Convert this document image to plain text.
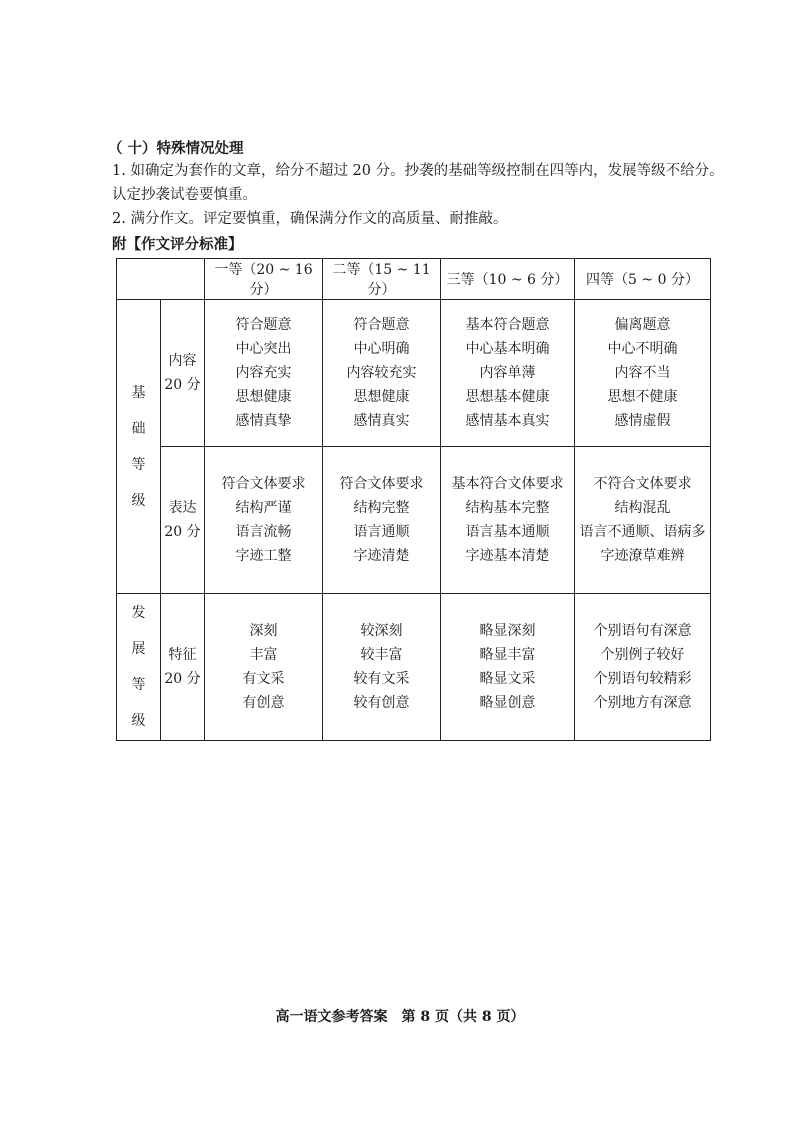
（ 十）特殊情况处理
1. 如确定为套作的文章，给分不超过 20 分。抄袭的基础等级控制在四等内，发展等级不给分。
认定抄袭试卷要慎重。
2. 满分作文。评定要慎重，确保满分作文的高质量、耐推敲。
附【作文评分标准】
		一等（20 ~ 16 分）	二等（15 ~ 11 分）	三等（10 ~ 6 分）	四等（5 ~ 0 分）

基
础
等
级	内容
20 分	符合题意
中心突出
内容充实
思想健康
感情真挚	符合题意
中心明确
内容较充实
思想健康
感情真实	基本符合题意
中心基本明确
内容单薄
思想基本健康
感情基本真实	偏离题意
中心不明确
内容不当
思想不健康
感情虚假

	表达
20 分	符合文体要求
结构严谨
语言流畅
字迹工整	符合文体要求
结构完整
语言通顺
字迹清楚	基本符合文体要求
结构基本完整
语言基本通顺
字迹基本清楚	不符合文体要求
结构混乱
语言不通顺、语病多
字迹潦草难辨

发
展
等
级	特征
20 分	深刻
丰富
有文采
有创意	较深刻
较丰富
较有文采
较有创意	略显深刻
略显丰富
略显文采
略显创意	个别语句有深意
个别例子较好
个别语句较精彩
个别地方有深意
高一语文参考答案　第 8 页（共 8 页）
